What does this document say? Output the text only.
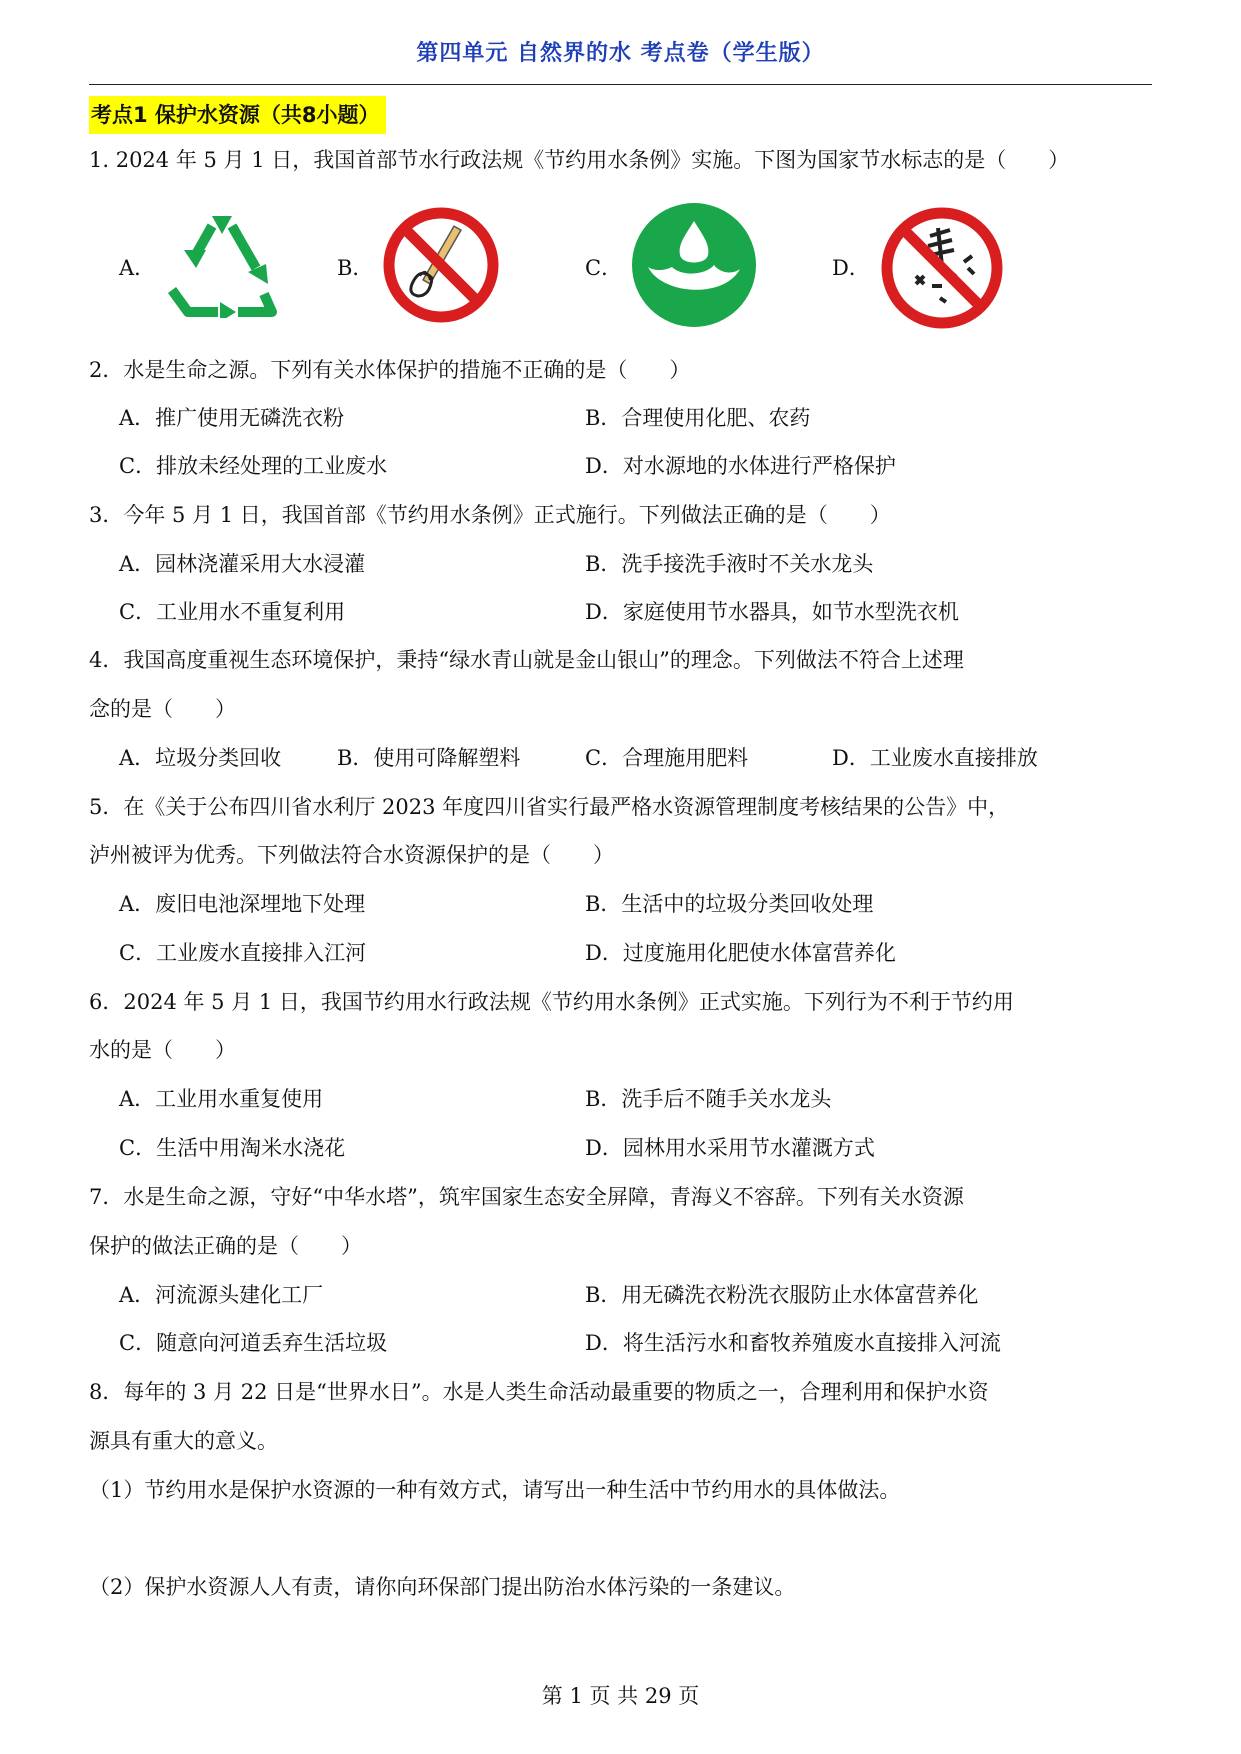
第四单元 自然界的水 考点卷（学生版）
考点1 保护水资源（共8小题）
1. 2024 年 5 月 1 日，我国首部节水行政法规《节约用水条例》实施。下图为国家节水标志的是（　　）
A．	B．	C．	D．
2．水是生命之源。下列有关水体保护的措施不正确的是（　　）
A．推广使用无磷洗衣粉	B．合理使用化肥、农药
C．排放未经处理的工业废水	D．对水源地的水体进行严格保护
3．今年 5 月 1 日，我国首部《节约用水条例》正式施行。下列做法正确的是（　　）
A．园林浇灌采用大水浸灌	B．洗手接洗手液时不关水龙头
C．工业用水不重复利用	D．家庭使用节水器具，如节水型洗衣机
4．我国高度重视生态环境保护，秉持“绿水青山就是金山银山”的理念。下列做法不符合上述理
念的是（　　）
A．垃圾分类回收	B．使用可降解塑料	C．合理施用肥料	D．工业废水直接排放
5．在《关于公布四川省水利厅 2023 年度四川省实行最严格水资源管理制度考核结果的公告》中，
泸州被评为优秀。下列做法符合水资源保护的是（　　）
A．废旧电池深埋地下处理	B．生活中的垃圾分类回收处理
C．工业废水直接排入江河	D．过度施用化肥使水体富营养化
6．2024 年 5 月 1 日，我国节约用水行政法规《节约用水条例》正式实施。下列行为不利于节约用
水的是（　　）
A．工业用水重复使用	B．洗手后不随手关水龙头
C．生活中用淘米水浇花	D．园林用水采用节水灌溉方式
7．水是生命之源，守好“中华水塔”，筑牢国家生态安全屏障，青海义不容辞。下列有关水资源
保护的做法正确的是（　　）
A．河流源头建化工厂	B．用无磷洗衣粉洗衣服防止水体富营养化
C．随意向河道丢弃生活垃圾	D．将生活污水和畜牧养殖废水直接排入河流
8．每年的 3 月 22 日是“世界水日”。水是人类生命活动最重要的物质之一，合理利用和保护水资
源具有重大的意义。
（1）节约用水是保护水资源的一种有效方式，请写出一种生活中节约用水的具体做法。
（2）保护水资源人人有责，请你向环保部门提出防治水体污染的一条建议。
第 1 页 共 29 页
